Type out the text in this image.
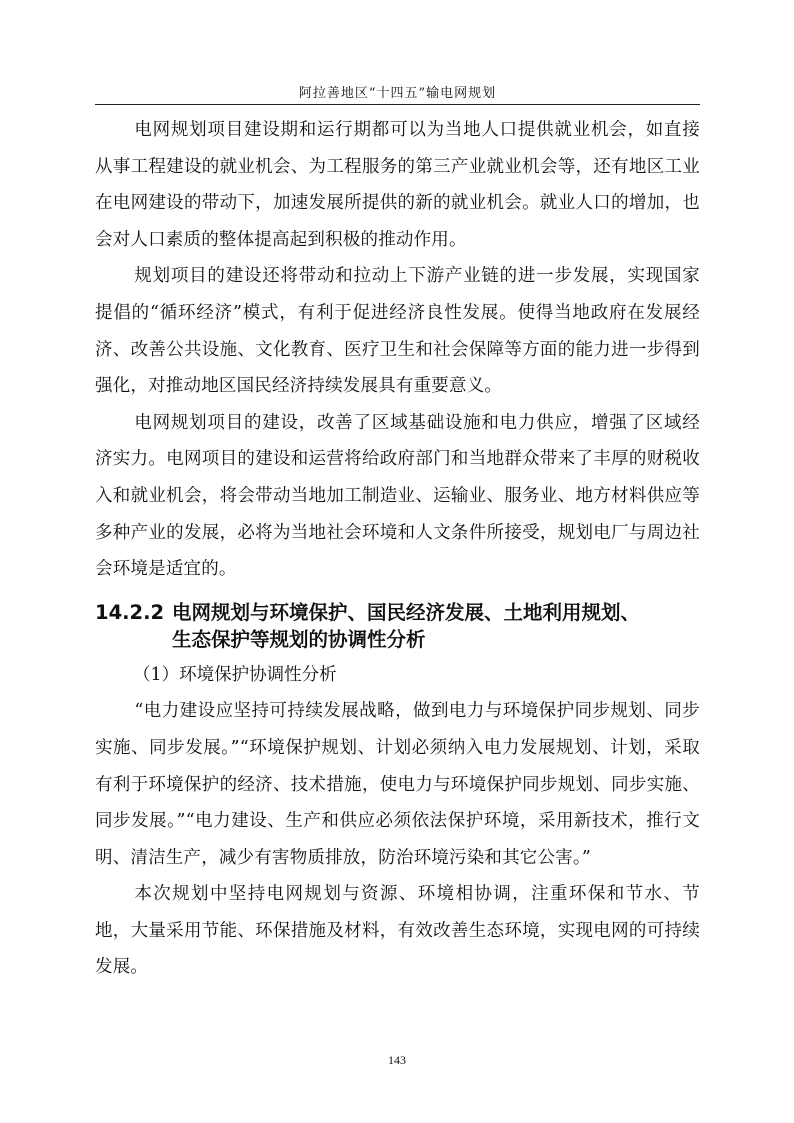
阿拉善地区“十四五”输电网规划

电网规划项目建设期和运行期都可以为当地人口提供就业机会，如直接从事工程建设的就业机会、为工程服务的第三产业就业机会等，还有地区工业在电网建设的带动下，加速发展所提供的新的就业机会。就业人口的增加，也会对人口素质的整体提高起到积极的推动作用。

规划项目的建设还将带动和拉动上下游产业链的进一步发展，实现国家提倡的“循环经济”模式，有利于促进经济良性发展。使得当地政府在发展经济、改善公共设施、文化教育、医疗卫生和社会保障等方面的能力进一步得到强化，对推动地区国民经济持续发展具有重要意义。

电网规划项目的建设，改善了区域基础设施和电力供应，增强了区域经济实力。电网项目的建设和运营将给政府部门和当地群众带来了丰厚的财税收入和就业机会，将会带动当地加工制造业、运输业、服务业、地方材料供应等多种产业的发展，必将为当地社会环境和人文条件所接受，规划电厂与周边社会环境是适宜的。

14.2.2 电网规划与环境保护、国民经济发展、土地利用规划、
生态保护等规划的协调性分析

（1）环境保护协调性分析

“电力建设应坚持可持续发展战略，做到电力与环境保护同步规划、同步实施、同步发展。”“环境保护规划、计划必须纳入电力发展规划、计划，采取有利于环境保护的经济、技术措施，使电力与环境保护同步规划、同步实施、同步发展。”“电力建设、生产和供应必须依法保护环境，采用新技术，推行文明、清洁生产，减少有害物质排放，防治环境污染和其它公害。”

本次规划中坚持电网规划与资源、环境相协调，注重环保和节水、节地，大量采用节能、环保措施及材料，有效改善生态环境，实现电网的可持续发展。

143
